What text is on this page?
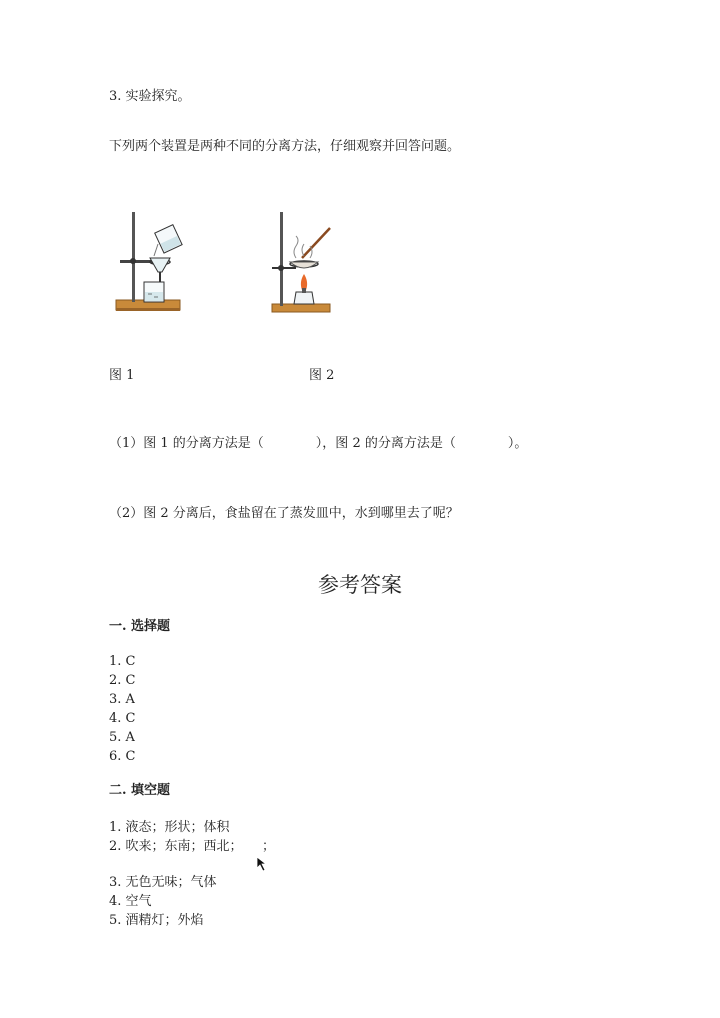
3. 实验探究。
下列两个装置是两种不同的分离方法，仔细观察并回答问题。
图 1	图 2
（1）图 1 的分离方法是（　　　　），图 2 的分离方法是（　　　　）。
（2）图 2 分离后，食盐留在了蒸发皿中，水到哪里去了呢？
参考答案
一. 选择题
1. C
2. C
3. A
4. C
5. A
6. C
二. 填空题
1. 液态；形状；体积
2. 吹来；东南；西北；　　；
3. 无色无味；气体
4. 空气
5. 酒精灯；外焰
